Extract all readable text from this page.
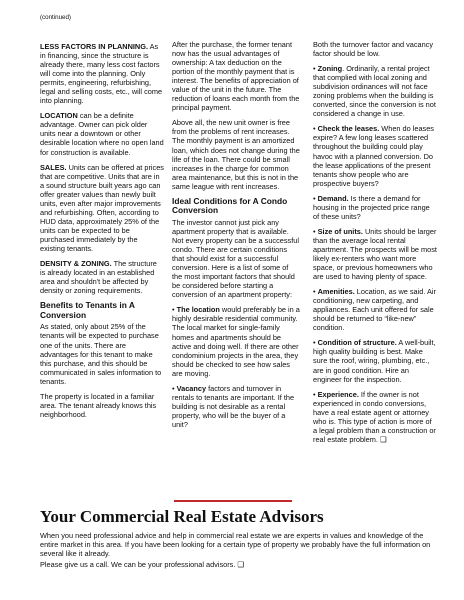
(continued)

LESS FACTORS IN PLANNING. As in financing, since the structure is already there, many less cost factors will come into the planning. Only permits, engineering, refurbishing, legal and selling costs, etc., will come into planning.

LOCATION can be a definite advantage. Owner can pick older units near a downtown or other desirable location where no open land for construction is available.

SALES. Units can be offered at prices that are competitive. Units that are in a sound structure built years ago can offer greater values than newly built units, even after major improvements and refurbishing. Often, according to HUD data, approximately 25% of the units can be expected to be purchased immediately by the existing tenants.

DENSITY & ZONING. The structure is already located in an established area and shouldn't be affected by density or zoning requirements.

Benefits to Tenants in A Conversion

As stated, only about 25% of the tenants will be expected to purchase one of the units. There are advantages for this tenant to make this purchase, and this should be communicated in sales information to tenants.

The property is located in a familiar area. The tenant already knows this neighborhood.

After the purchase, the former tenant now has the usual advantages of ownership: A tax deduction on the portion of the monthly payment that is interest. The benefits of appreciation of value of the unit in the future. The reduction of loans each month from the principal payment.

Above all, the new unit owner is free from the problems of rent increases. The monthly payment is an amortized loan, which does not change during the life of the loan. There could be small increases in the charge for common area maintenance, but this is not in the same league with rent increases.

Ideal Conditions for A Condo Conversion

The investor cannot just pick any apartment property that is available. Not every property can be a successful condo. There are certain conditions that should exist for a successful conversion. Here is a list of some of the most important factors that should be considered before starting a conversion of an apartment property:

• The location would preferably be in a highly desirable residential community. The local market for single-family homes and apartments should be active and doing well. If there are other condominium projects in the area, they should be checked to see how sales are moving.

• Vacancy factors and turnover in rentals to tenants are important. If the building is not desirable as a rental property, who will be the buyer of a unit?

Both the turnover factor and vacancy factor should be low.

• Zoning. Ordinarily, a rental project that complied with local zoning and subdivision ordinances will not face zoning problems when the building is converted, since the conversion is not considered a change in use.

• Check the leases. When do leases expire? A few long leases scattered throughout the building could play havoc with a planned conversion. Do the lease applications of the present tenants show people who are prospective buyers?

• Demand. Is there a demand for housing in the projected price range of these units?

• Size of units. Units should be larger than the average local rental apartment. The prospects will be most likely ex-renters who want more space, or previous homeowners who are used to having plenty of space.

• Amenities. Location, as we said. Air conditioning, new carpeting, and appliances. Each unit offered for sale should be returned to “like-new” condition.

• Condition of structure. A well-built, high quality building is best. Make sure the roof, wiring, plumbing, etc., are in good condition. Hire an engineer for the inspection.

• Experience. If the owner is not experienced in condo conversions, have a real estate agent or attorney who is. This type of action is more of a legal problem than a construction or real estate problem. ❑

Your Commercial Real Estate Advisors

When you need professional advice and help in commercial real estate we are experts in values and knowledge of the entire market in this area. If you have been looking for a certain type of property we probably have the full information on several like it already.

Please give us a call. We can be your professional advisors. ❑
